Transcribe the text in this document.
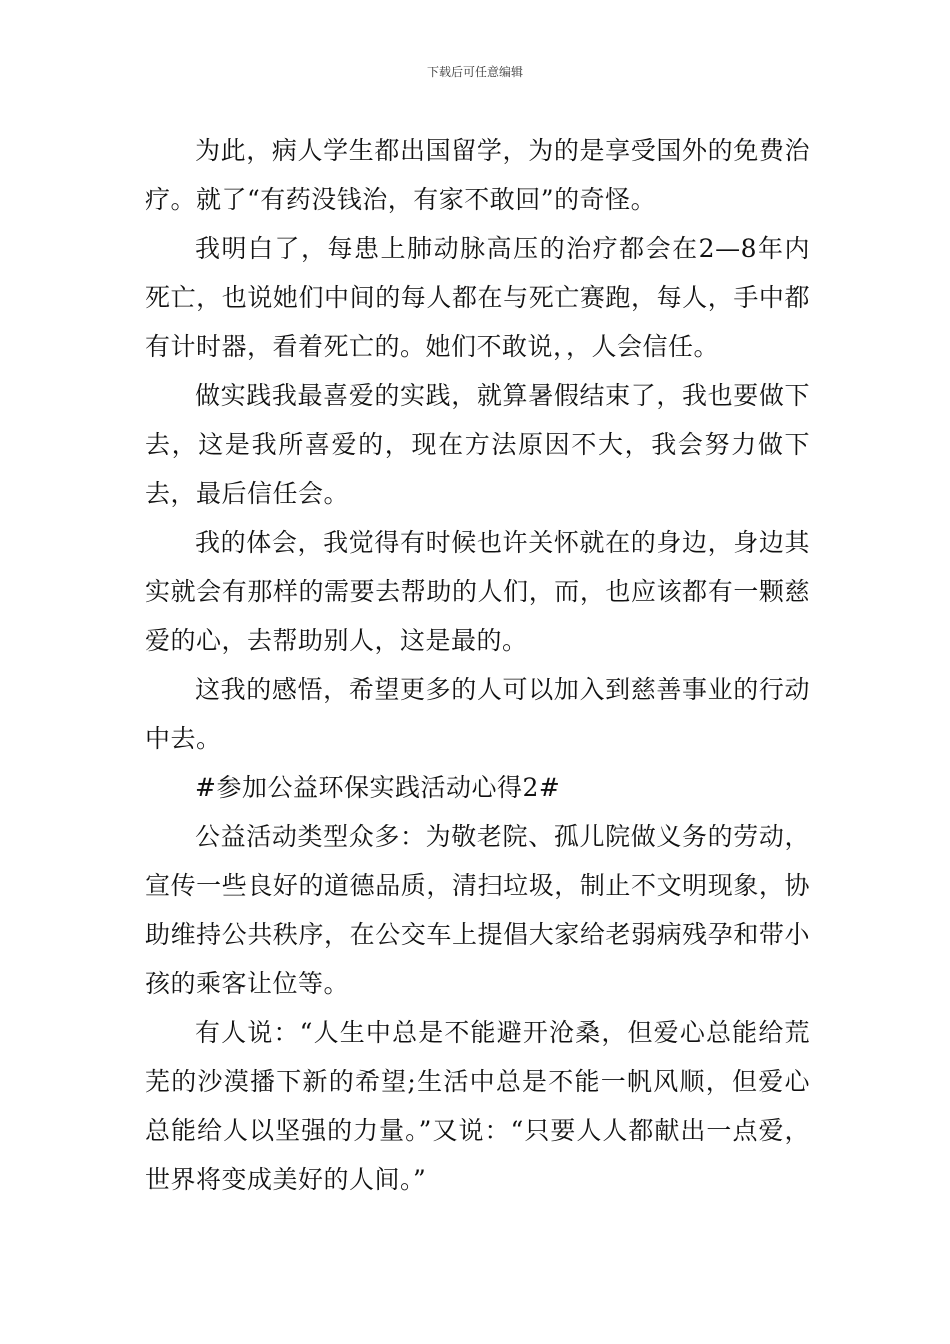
下载后可任意编辑

为此，病人学生都出国留学，为的是享受国外的免费治疗。就了“有药没钱治，有家不敢回”的奇怪。

我明白了，每患上肺动脉高压的治疗都会在2—8年内死亡，也说她们中间的每人都在与死亡赛跑，每人，手中都有计时器，看着死亡的。她们不敢说，，人会信任。

做实践我最喜爱的实践，就算暑假结束了，我也要做下去，这是我所喜爱的，现在方法原因不大，我会努力做下去，最后信任会。

我的体会，我觉得有时候也许关怀就在的身边，身边其实就会有那样的需要去帮助的人们，而，也应该都有一颗慈爱的心，去帮助别人，这是最的。

这我的感悟，希望更多的人可以加入到慈善事业的行动中去。

#参加公益环保实践活动心得2#

公益活动类型众多：为敬老院、孤儿院做义务的劳动，宣传一些良好的道德品质，清扫垃圾，制止不文明现象，协助维持公共秩序，在公交车上提倡大家给老弱病残孕和带小孩的乘客让位等。

有人说：“人生中总是不能避开沧桑，但爱心总能给荒芜的沙漠播下新的希望;生活中总是不能一帆风顺，但爱心总能给人以坚强的力量。”又说：“只要人人都献出一点爱，世界将变成美好的人间。”
